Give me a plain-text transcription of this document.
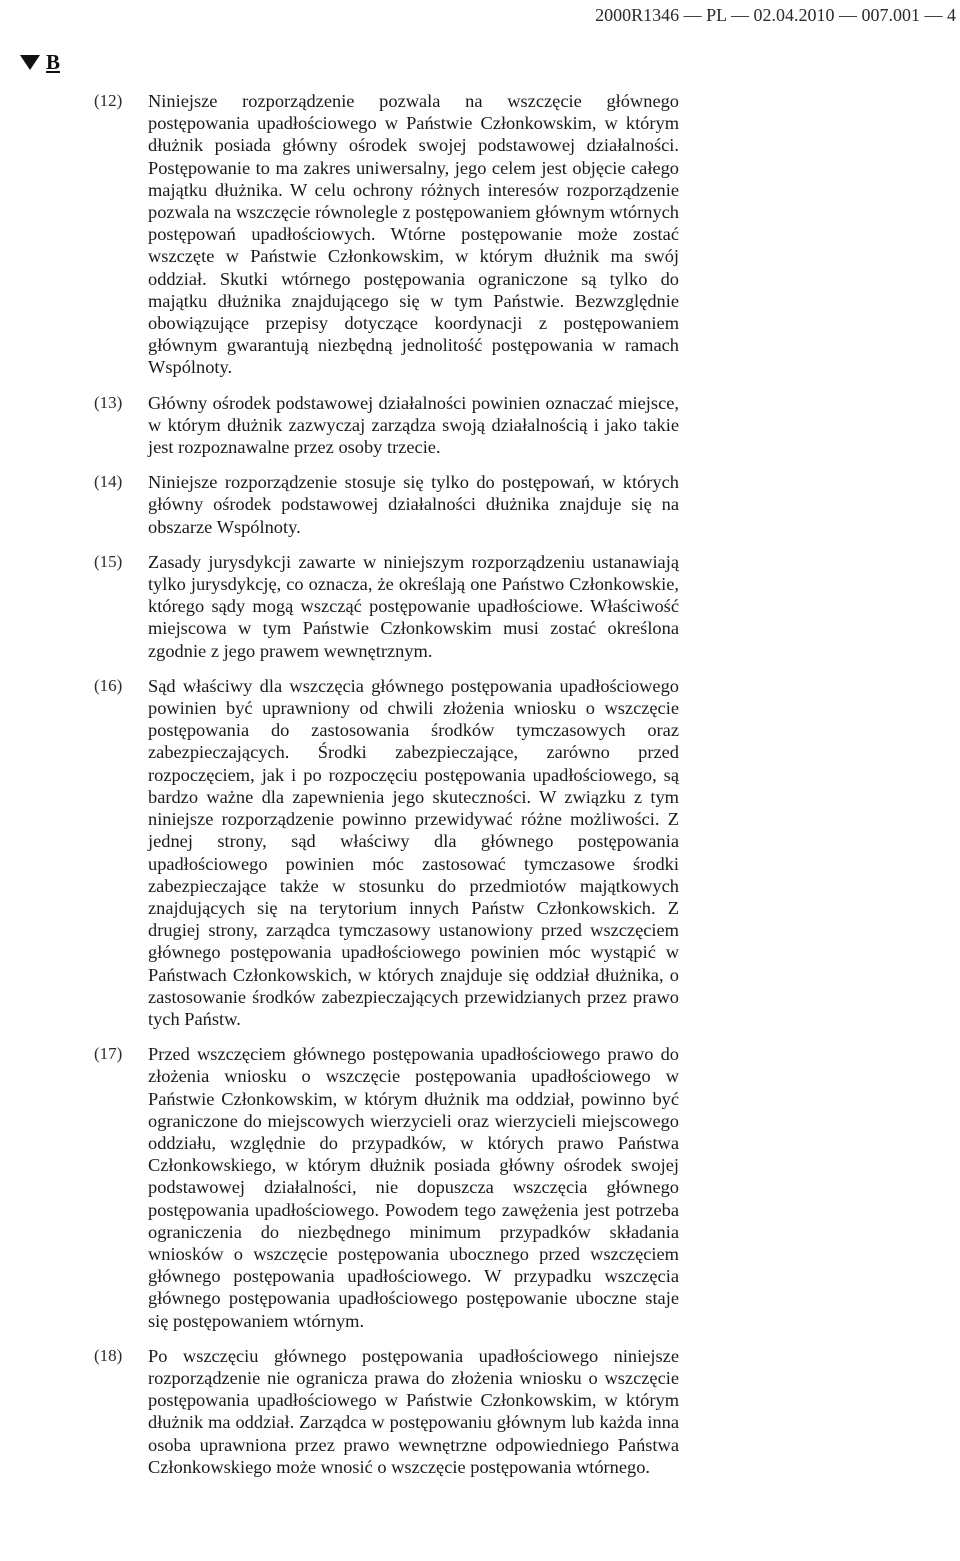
2000R1346 — PL — 02.04.2010 — 007.001 — 4
B
(12) Niniejsze rozporządzenie pozwala na wszczęcie głównego postępowania upadłościowego w Państwie Członkowskim, w którym dłużnik posiada główny ośrodek swojej podstawowej działalności. Postępowanie to ma zakres uniwersalny, jego celem jest objęcie całego majątku dłużnika. W celu ochrony różnych interesów rozporządzenie pozwala na wszczęcie równolegle z postępowaniem głównym wtórnych postępowań upadłościowych. Wtórne postępowanie może zostać wszczęte w Państwie Członkowskim, w którym dłużnik ma swój oddział. Skutki wtórnego postępowania ograniczone są tylko do majątku dłużnika znajdującego się w tym Państwie. Bezwzględnie obowiązujące przepisy dotyczące koordynacji z postępowaniem głównym gwarantują niezbędną jednolitość postępowania w ramach Wspólnoty.
(13) Główny ośrodek podstawowej działalności powinien oznaczać miejsce, w którym dłużnik zazwyczaj zarządza swoją działalnością i jako takie jest rozpoznawalne przez osoby trzecie.
(14) Niniejsze rozporządzenie stosuje się tylko do postępowań, w których główny ośrodek podstawowej działalności dłużnika znajduje się na obszarze Wspólnoty.
(15) Zasady jurysdykcji zawarte w niniejszym rozporządzeniu ustanawiają tylko jurysdykcję, co oznacza, że określają one Państwo Członkowskie, którego sądy mogą wszcząć postępowanie upadłościowe. Właściwość miejscowa w tym Państwie Członkowskim musi zostać określona zgodnie z jego prawem wewnętrznym.
(16) Sąd właściwy dla wszczęcia głównego postępowania upadłościowego powinien być uprawniony od chwili złożenia wniosku o wszczęcie postępowania do zastosowania środków tymczasowych oraz zabezpieczających. Środki zabezpieczające, zarówno przed rozpoczęciem, jak i po rozpoczęciu postępowania upadłościowego, są bardzo ważne dla zapewnienia jego skuteczności. W związku z tym niniejsze rozporządzenie powinno przewidywać różne możliwości. Z jednej strony, sąd właściwy dla głównego postępowania upadłościowego powinien móc zastosować tymczasowe środki zabezpieczające także w stosunku do przedmiotów majątkowych znajdujących się na terytorium innych Państw Członkowskich. Z drugiej strony, zarządca tymczasowy ustanowiony przed wszczęciem głównego postępowania upadłościowego powinien móc wystąpić w Państwach Członkowskich, w których znajduje się oddział dłużnika, o zastosowanie środków zabezpieczających przewidzianych przez prawo tych Państw.
(17) Przed wszczęciem głównego postępowania upadłościowego prawo do złożenia wniosku o wszczęcie postępowania upadłościowego w Państwie Członkowskim, w którym dłużnik ma oddział, powinno być ograniczone do miejscowych wierzycieli oraz wierzycieli miejscowego oddziału, względnie do przypadków, w których prawo Państwa Członkowskiego, w którym dłużnik posiada główny ośrodek swojej podstawowej działalności, nie dopuszcza wszczęcia głównego postępowania upadłościowego. Powodem tego zawężenia jest potrzeba ograniczenia do niezbędnego minimum przypadków składania wniosków o wszczęcie postępowania ubocznego przed wszczęciem głównego postępowania upadłościowego. W przypadku wszczęcia głównego postępowania upadłościowego postępowanie uboczne staje się postępowaniem wtórnym.
(18) Po wszczęciu głównego postępowania upadłościowego niniejsze rozporządzenie nie ogranicza prawa do złożenia wniosku o wszczęcie postępowania upadłościowego w Państwie Członkowskim, w którym dłużnik ma oddział. Zarządca w postępowaniu głównym lub każda inna osoba uprawniona przez prawo wewnętrzne odpowiedniego Państwa Członkowskiego może wnosić o wszczęcie postępowania wtórnego.
